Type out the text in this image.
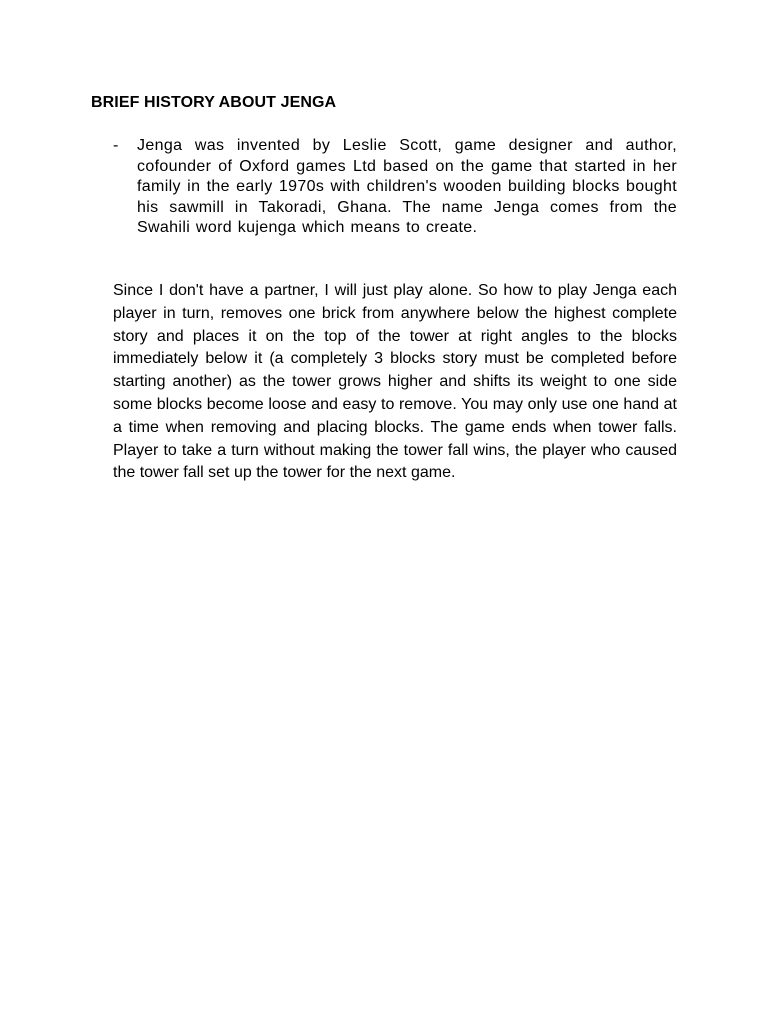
BRIEF HISTORY ABOUT JENGA
-	Jenga was invented by Leslie Scott, game designer and author, cofounder of Oxford games Ltd based on the game that started in her family in the early 1970s with children's wooden building blocks bought his sawmill in Takoradi, Ghana. The name Jenga comes from the Swahili word kujenga which means to create.

Since I don't have a partner, I will just play alone. So how to play Jenga each player in turn, removes one brick from anywhere below the highest complete story and places it on the top of the tower at right angles to the blocks immediately below it (a completely 3 blocks story must be completed before starting another) as the tower grows higher and shifts its weight to one side some blocks become loose and easy to remove. You may only use one hand at a time when removing and placing blocks. The game ends when tower falls. Player to take a turn without making the tower fall wins, the player who caused the tower fall set up the tower for the next game.
